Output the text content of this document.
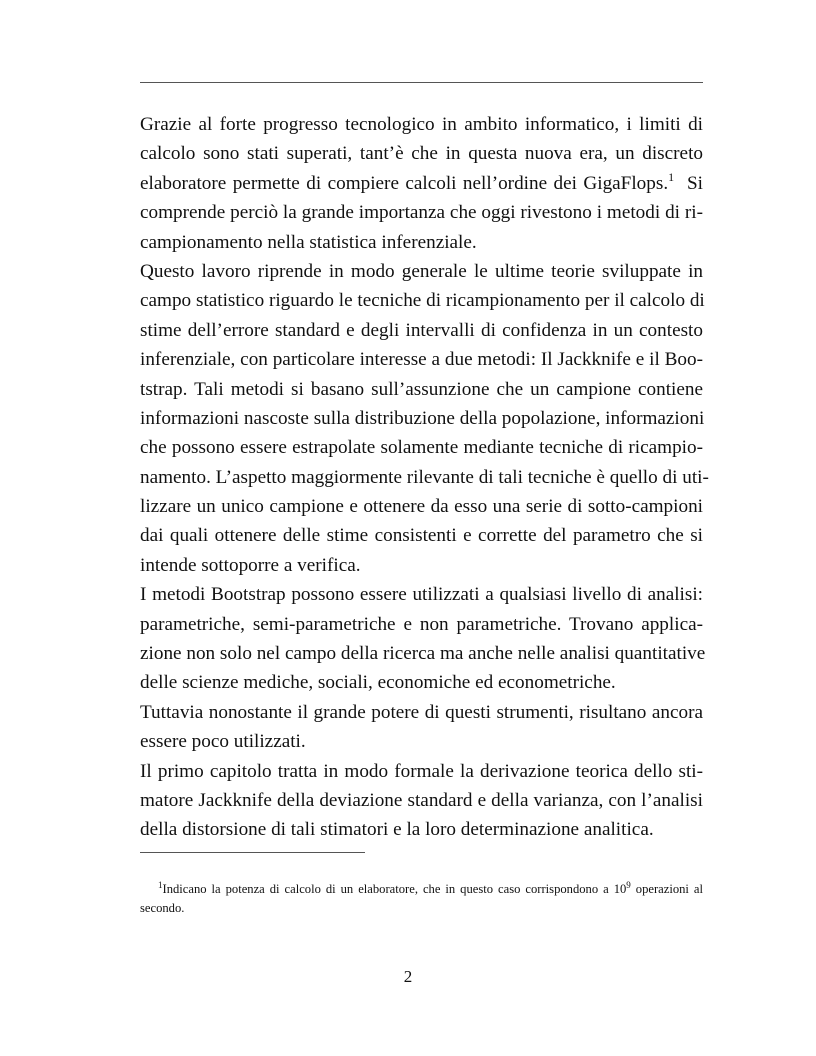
Grazie al forte progresso tecnologico in ambito informatico, i limiti di
calcolo sono stati superati, tant’è che in questa nuova era, un discreto
elaboratore permette di compiere calcoli nell’ordine dei GigaFlops.$^1$ Si
comprende perciò la grande importanza che oggi rivestono i metodi di ri-
campionamento nella statistica inferenziale.
Questo lavoro riprende in modo generale le ultime teorie sviluppate in
campo statistico riguardo le tecniche di ricampionamento per il calcolo di
stime dell’errore standard e degli intervalli di confidenza in un contesto
inferenziale, con particolare interesse a due metodi: Il Jackknife e il Boo-
tstrap. Tali metodi si basano sull’assunzione che un campione contiene
informazioni nascoste sulla distribuzione della popolazione, informazioni
che possono essere estrapolate solamente mediante tecniche di ricampio-
namento. L’aspetto maggiormente rilevante di tali tecniche è quello di uti-
lizzare un unico campione e ottenere da esso una serie di sotto-campioni
dai quali ottenere delle stime consistenti e corrette del parametro che si
intende sottoporre a verifica.
I metodi Bootstrap possono essere utilizzati a qualsiasi livello di analisi:
parametriche, semi-parametriche e non parametriche. Trovano applica-
zione non solo nel campo della ricerca ma anche nelle analisi quantitative
delle scienze mediche, sociali, economiche ed econometriche.
Tuttavia nonostante il grande potere di questi strumenti, risultano ancora
essere poco utilizzati.
Il primo capitolo tratta in modo formale la derivazione teorica dello sti-
matore Jackknife della deviazione standard e della varianza, con l’analisi
della distorsione di tali stimatori e la loro determinazione analitica.
$^1$Indicano la potenza di calcolo di un elaboratore, che in questo caso corrispondono a $10^9$ operazioni al
secondo.
2
